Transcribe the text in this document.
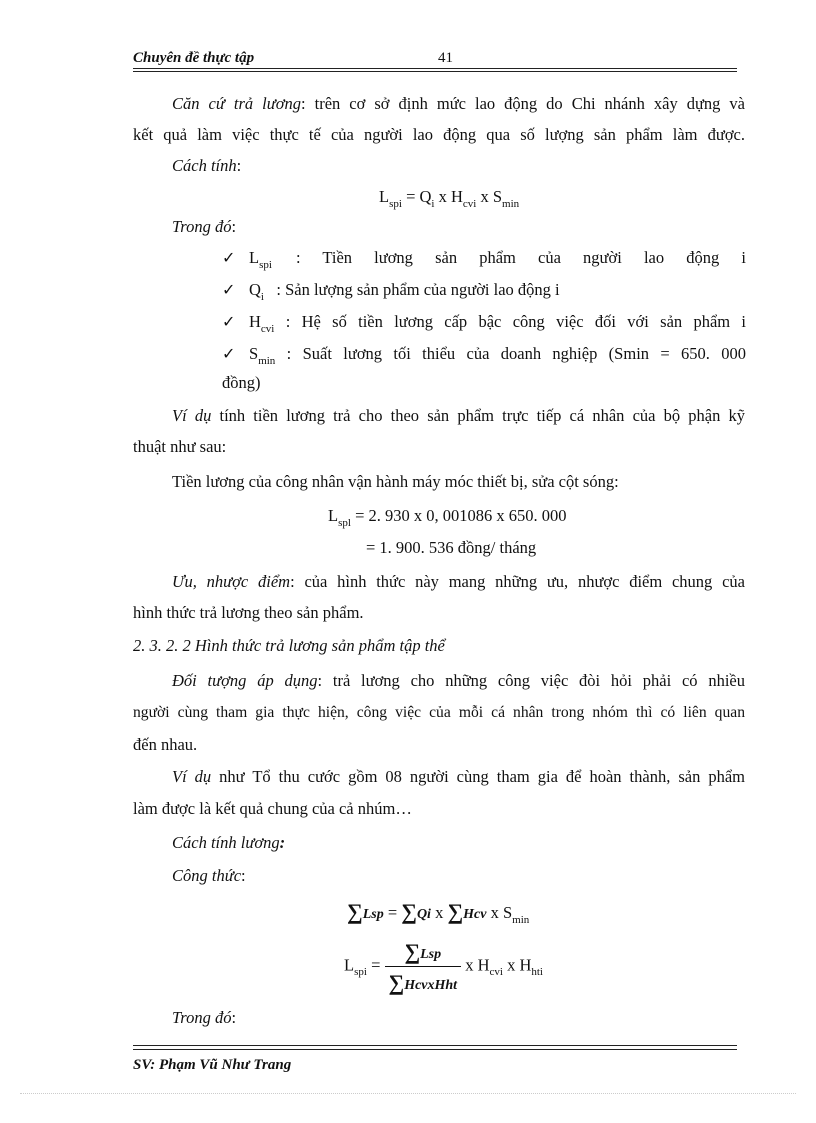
Chuyên đề thực tập	41
Căn cứ trả lương: trên cơ sở định mức lao động do Chi nhánh xây dựng và
kết quả làm việc thực tế của người lao động qua số lượng sản phẩm làm được.
Cách tính:
$L_{spi} = Q_i$ x $H_{cvi}$ x $S_{min}$
Trong đó:
✓ $L_{spi}$ : Tiền lương sản phẩm của người lao động i
✓ $Q_i$ : Sản lượng sản phẩm của người lao động i
✓ $H_{cvi}$ : Hệ số tiền lương cấp bậc công việc đối với sản phẩm i
✓ $S_{min}$ : Suất lương tối thiểu của doanh nghiệp (Smin = 650. 000
đồng)
Ví dụ tính tiền lương trả cho theo sản phẩm trực tiếp cá nhân của bộ phận kỹ
thuật như sau:
Tiền lương của công nhân vận hành máy móc thiết bị, sửa cột sóng:
$L_{spl} = 2$. 930 x 0, 001086 x 650. 000
= 1. 900. 536 đồng/ tháng
Ưu, nhược điểm: của hình thức này mang những ưu, nhược điểm chung của
hình thức trả lương theo sản phẩm.
2. 3. 2. 2 Hình thức trả lương sản phẩm tập thể
Đối tượng áp dụng: trả lương cho những công việc đòi hỏi phải có nhiều
người cùng tham gia thực hiện, công việc của mỗi cá nhân trong nhóm thì có liên quan
đến nhau.
Ví dụ như Tổ thu cước gồm 08 người cùng tham gia để hoàn thành, sản phẩm
làm được là kết quả chung của cả nhúm…
Cách tính lương:
Công thức:
∑Lsp = ∑Qi x ∑Hcv x $S_{min}$
$L_{spi} = \frac{\text{∑Lsp}}{\text{∑HcvxHht}}$ x $H_{cvi}$ x $H_{hti}$
Trong đó:
SV: Phạm Vũ Như Trang
